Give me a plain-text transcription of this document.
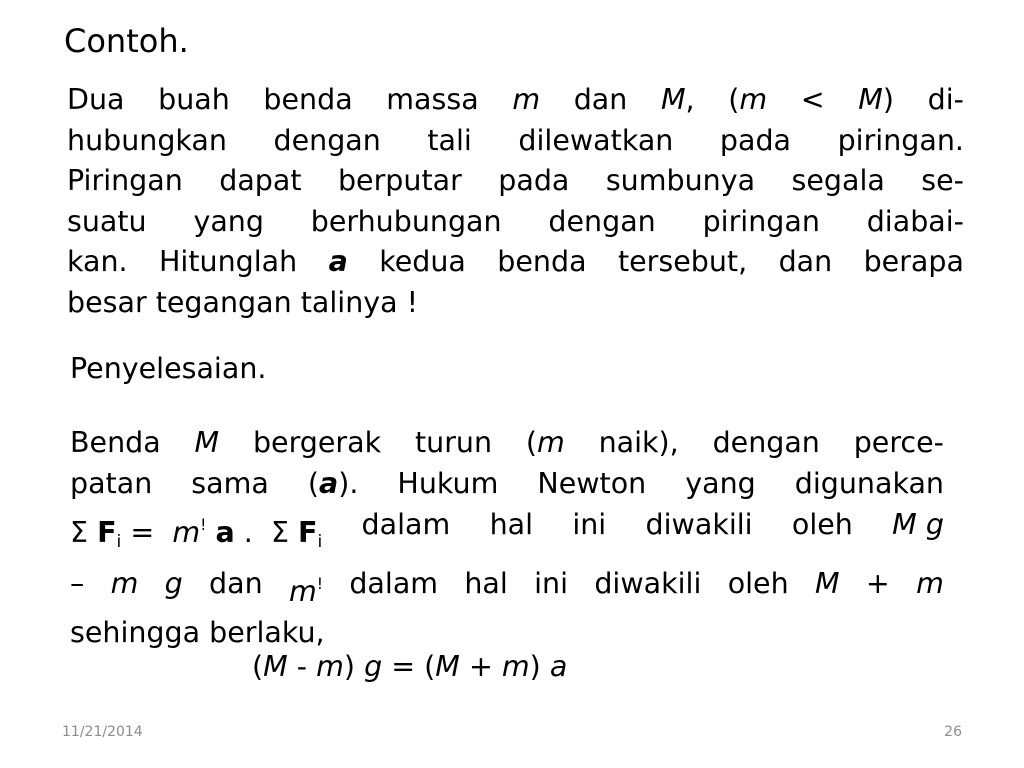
Contoh.
Dua buah benda massa m dan M, (m < M) di-
hubungkan dengan tali dilewatkan pada piringan.
Piringan dapat berputar pada sumbunya segala se-
suatu yang berhubungan dengan piringan diabai-
kan. Hitunglah a kedua benda tersebut, dan berapa
besar tegangan talinya !
Penyelesaian.
Benda M bergerak turun (m naik), dengan perce-
patan sama (a). Hukum Newton yang digunakan
Σ $F_i = m^!$ a .  Σ $F_i$
dalam hal ini diwakili oleh M g
– m g dan m! dalam hal ini diwakili oleh M + m
sehingga berlaku,
(M - m) g = (M + m) a
11/21/2014	26
